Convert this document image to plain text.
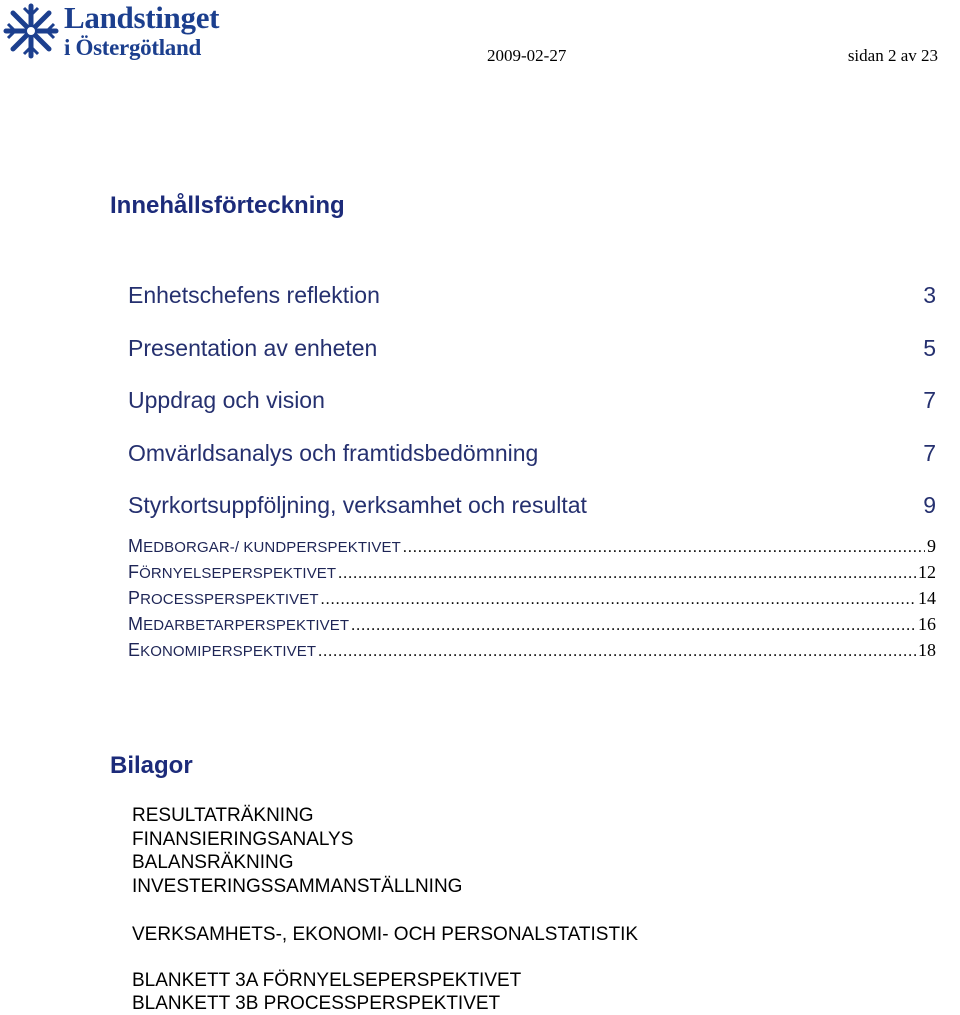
Landstinget
i Östergötland	2009-02-27	sidan 2 av 23
Innehållsförteckning
Enhetschefens reflektion	3
Presentation av enheten	5
Uppdrag och vision	7
Omvärldsanalys och framtidsbedömning	7
Styrkortsuppföljning, verksamhet och resultat	9
MEDBORGAR-/ KUNDPERSPEKTIVET .....	9
FÖRNYELSEPERSPEKTIVET .....	12
PROCESSPERSPEKTIVET .....	14
MEDARBETARPERSPEKTIVET .....	16
EKONOMIPERSPEKTIVET .....	18
Bilagor
RESULTATRÄKNING
FINANSIERINGSANALYS
BALANSRÄKNING
INVESTERINGSSAMMANSTÄLLNING
VERKSAMHETS-, EKONOMI- OCH PERSONALSTATISTIK
BLANKETT 3A FÖRNYELSEPERSPEKTIVET
BLANKETT 3B PROCESSPERSPEKTIVET
